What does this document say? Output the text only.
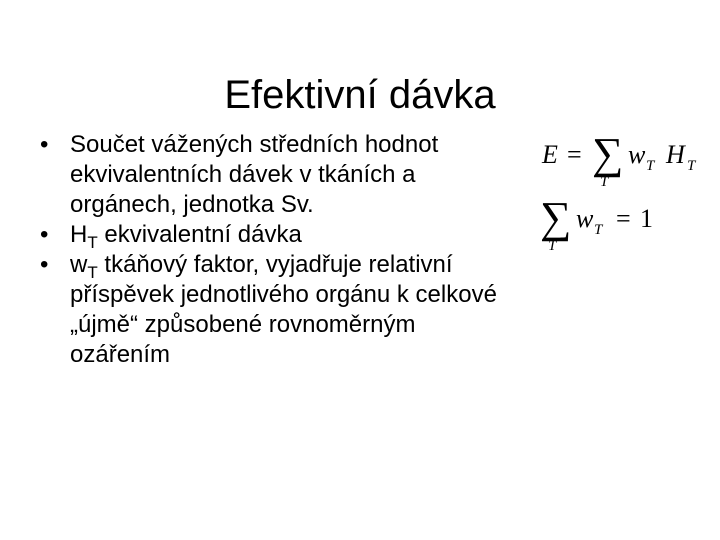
Efektivní dávka
• Součet vážených středních hodnot ekvivalentních dávek v tkáních a orgánech, jednotka Sv.
• $H_T$ ekvivalentní dávka
• $w_T$ tkáňový faktor, vyjadřuje relativní příspěvek jednotlivého orgánu k celkové „újmě“ způsobené rovnoměrným ozářením
E = ∑
T
w T H T
∑
T
w T = 1
